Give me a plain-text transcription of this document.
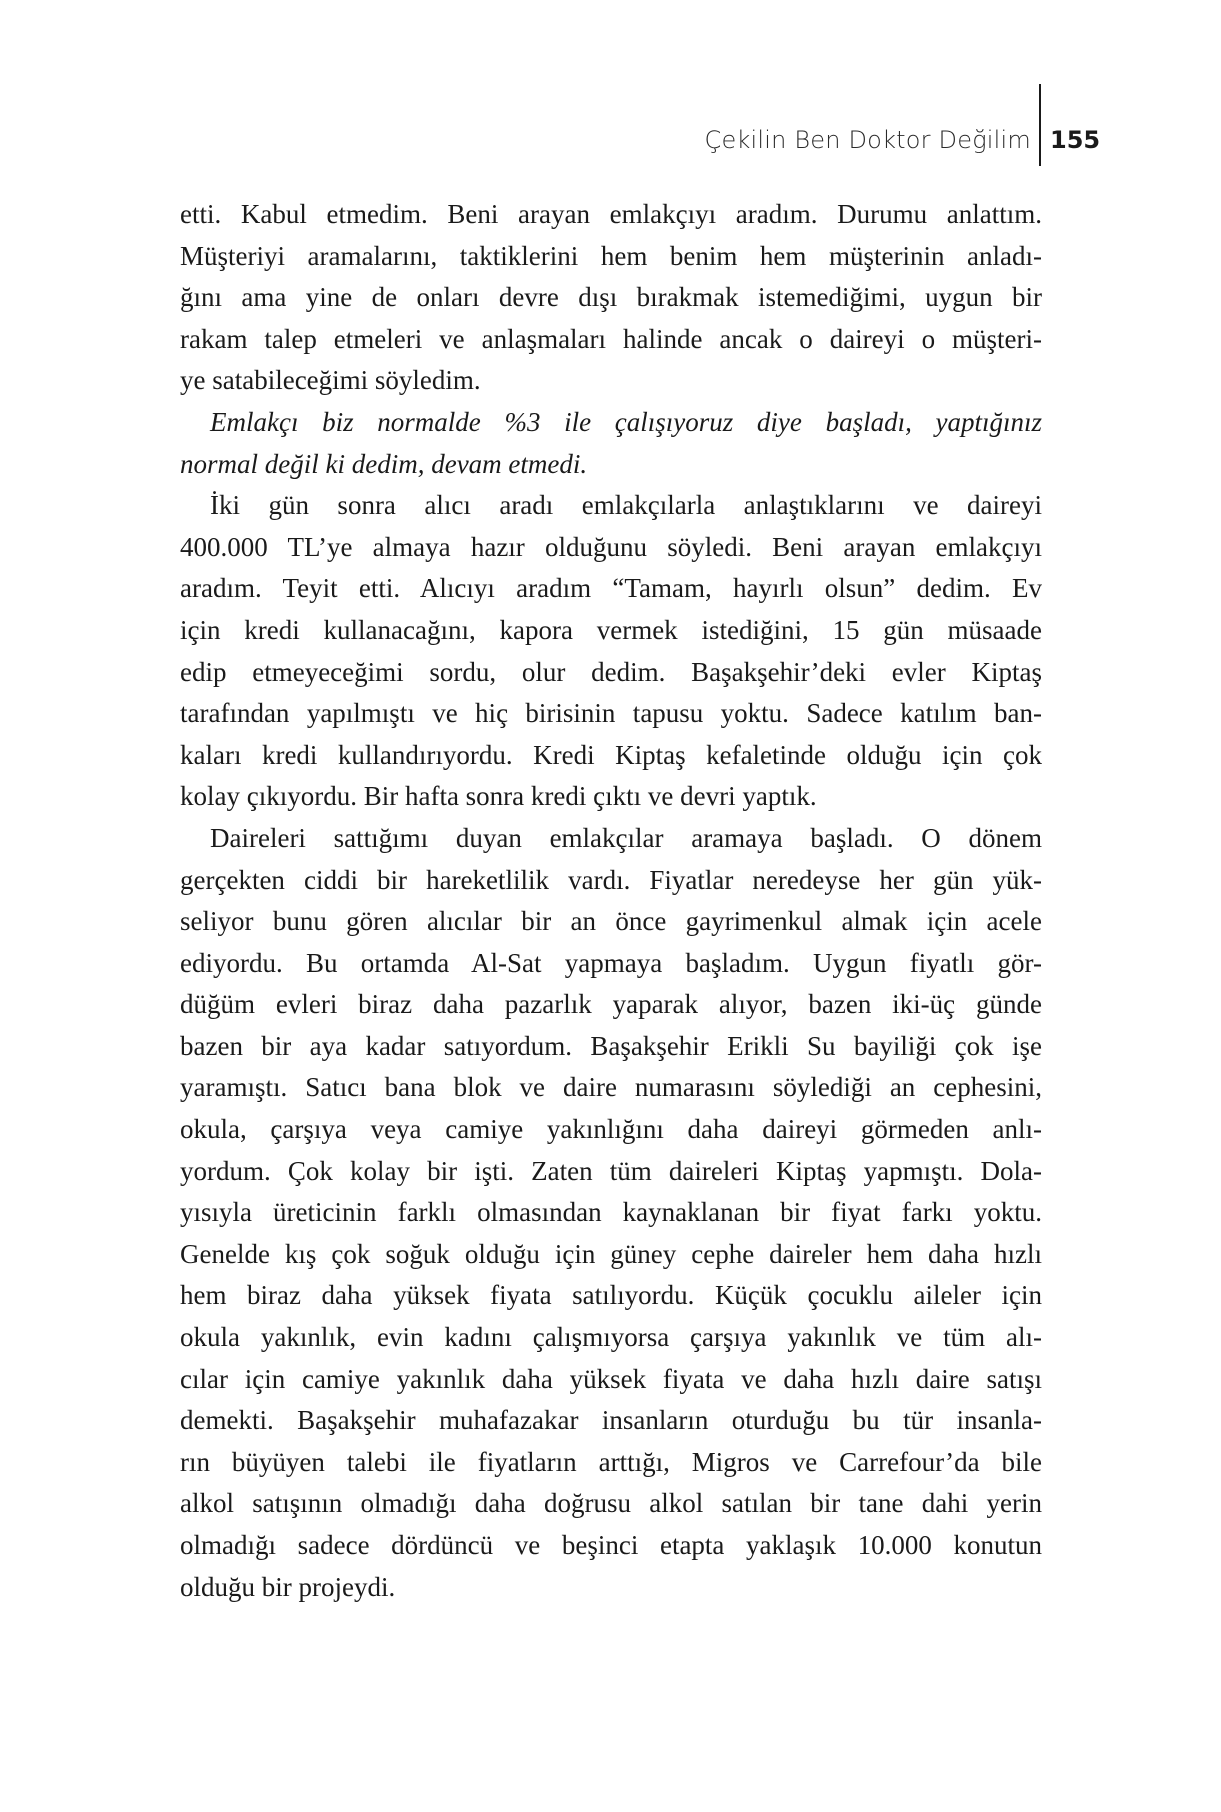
Çekilin Ben Doktor Değilim 155
etti. Kabul etmedim. Beni arayan emlakçıyı aradım. Durumu anlattım.
Müşteriyi aramalarını, taktiklerini hem benim hem müşterinin anladı-
ğını ama yine de onları devre dışı bırakmak istemediğimi, uygun bir
rakam talep etmeleri ve anlaşmaları halinde ancak o daireyi o müşteri-
ye satabileceğimi söyledim.
Emlakçı biz normalde %3 ile çalışıyoruz diye başladı, yaptığınız
normal değil ki dedim, devam etmedi.
İki gün sonra alıcı aradı emlakçılarla anlaştıklarını ve daireyi
400.000 TL’ye almaya hazır olduğunu söyledi. Beni arayan emlakçıyı
aradım. Teyit etti. Alıcıyı aradım “Tamam, hayırlı olsun” dedim. Ev
için kredi kullanacağını, kapora vermek istediğini, 15 gün müsaade
edip etmeyeceğimi sordu, olur dedim. Başakşehir’deki evler Kiptaş
tarafından yapılmıştı ve hiç birisinin tapusu yoktu. Sadece katılım ban-
kaları kredi kullandırıyordu. Kredi Kiptaş kefaletinde olduğu için çok
kolay çıkıyordu. Bir hafta sonra kredi çıktı ve devri yaptık.
Daireleri sattığımı duyan emlakçılar aramaya başladı. O dönem
gerçekten ciddi bir hareketlilik vardı. Fiyatlar neredeyse her gün yük-
seliyor bunu gören alıcılar bir an önce gayrimenkul almak için acele
ediyordu. Bu ortamda Al-Sat yapmaya başladım. Uygun fiyatlı gör-
düğüm evleri biraz daha pazarlık yaparak alıyor, bazen iki-üç günde
bazen bir aya kadar satıyordum. Başakşehir Erikli Su bayiliği çok işe
yaramıştı. Satıcı bana blok ve daire numarasını söylediği an cephesini,
okula, çarşıya veya camiye yakınlığını daha daireyi görmeden anlı-
yordum. Çok kolay bir işti. Zaten tüm daireleri Kiptaş yapmıştı. Dola-
yısıyla üreticinin farklı olmasından kaynaklanan bir fiyat farkı yoktu.
Genelde kış çok soğuk olduğu için güney cephe daireler hem daha hızlı
hem biraz daha yüksek fiyata satılıyordu. Küçük çocuklu aileler için
okula yakınlık, evin kadını çalışmıyorsa çarşıya yakınlık ve tüm alı-
cılar için camiye yakınlık daha yüksek fiyata ve daha hızlı daire satışı
demekti. Başakşehir muhafazakar insanların oturduğu bu tür insanla-
rın büyüyen talebi ile fiyatların arttığı, Migros ve Carrefour’da bile
alkol satışının olmadığı daha doğrusu alkol satılan bir tane dahi yerin
olmadığı sadece dördüncü ve beşinci etapta yaklaşık 10.000 konutun
olduğu bir projeydi.
